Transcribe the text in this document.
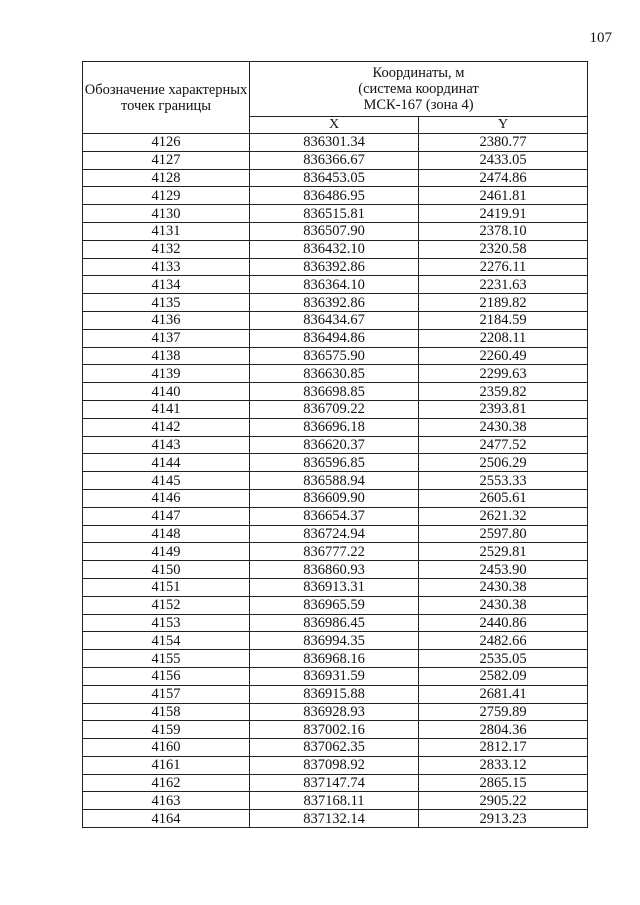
107
Обозначение характерных точек границы	Координаты, м
(система координат
МСК-167 (зона 4)	

	X	Y
4126	836301.34	2380.77
4127	836366.67	2433.05
4128	836453.05	2474.86
4129	836486.95	2461.81
4130	836515.81	2419.91
4131	836507.90	2378.10
4132	836432.10	2320.58
4133	836392.86	2276.11
4134	836364.10	2231.63
4135	836392.86	2189.82
4136	836434.67	2184.59
4137	836494.86	2208.11
4138	836575.90	2260.49
4139	836630.85	2299.63
4140	836698.85	2359.82
4141	836709.22	2393.81
4142	836696.18	2430.38
4143	836620.37	2477.52
4144	836596.85	2506.29
4145	836588.94	2553.33
4146	836609.90	2605.61
4147	836654.37	2621.32
4148	836724.94	2597.80
4149	836777.22	2529.81
4150	836860.93	2453.90
4151	836913.31	2430.38
4152	836965.59	2430.38
4153	836986.45	2440.86
4154	836994.35	2482.66
4155	836968.16	2535.05
4156	836931.59	2582.09
4157	836915.88	2681.41
4158	836928.93	2759.89
4159	837002.16	2804.36
4160	837062.35	2812.17
4161	837098.92	2833.12
4162	837147.74	2865.15
4163	837168.11	2905.22
4164	837132.14	2913.23
